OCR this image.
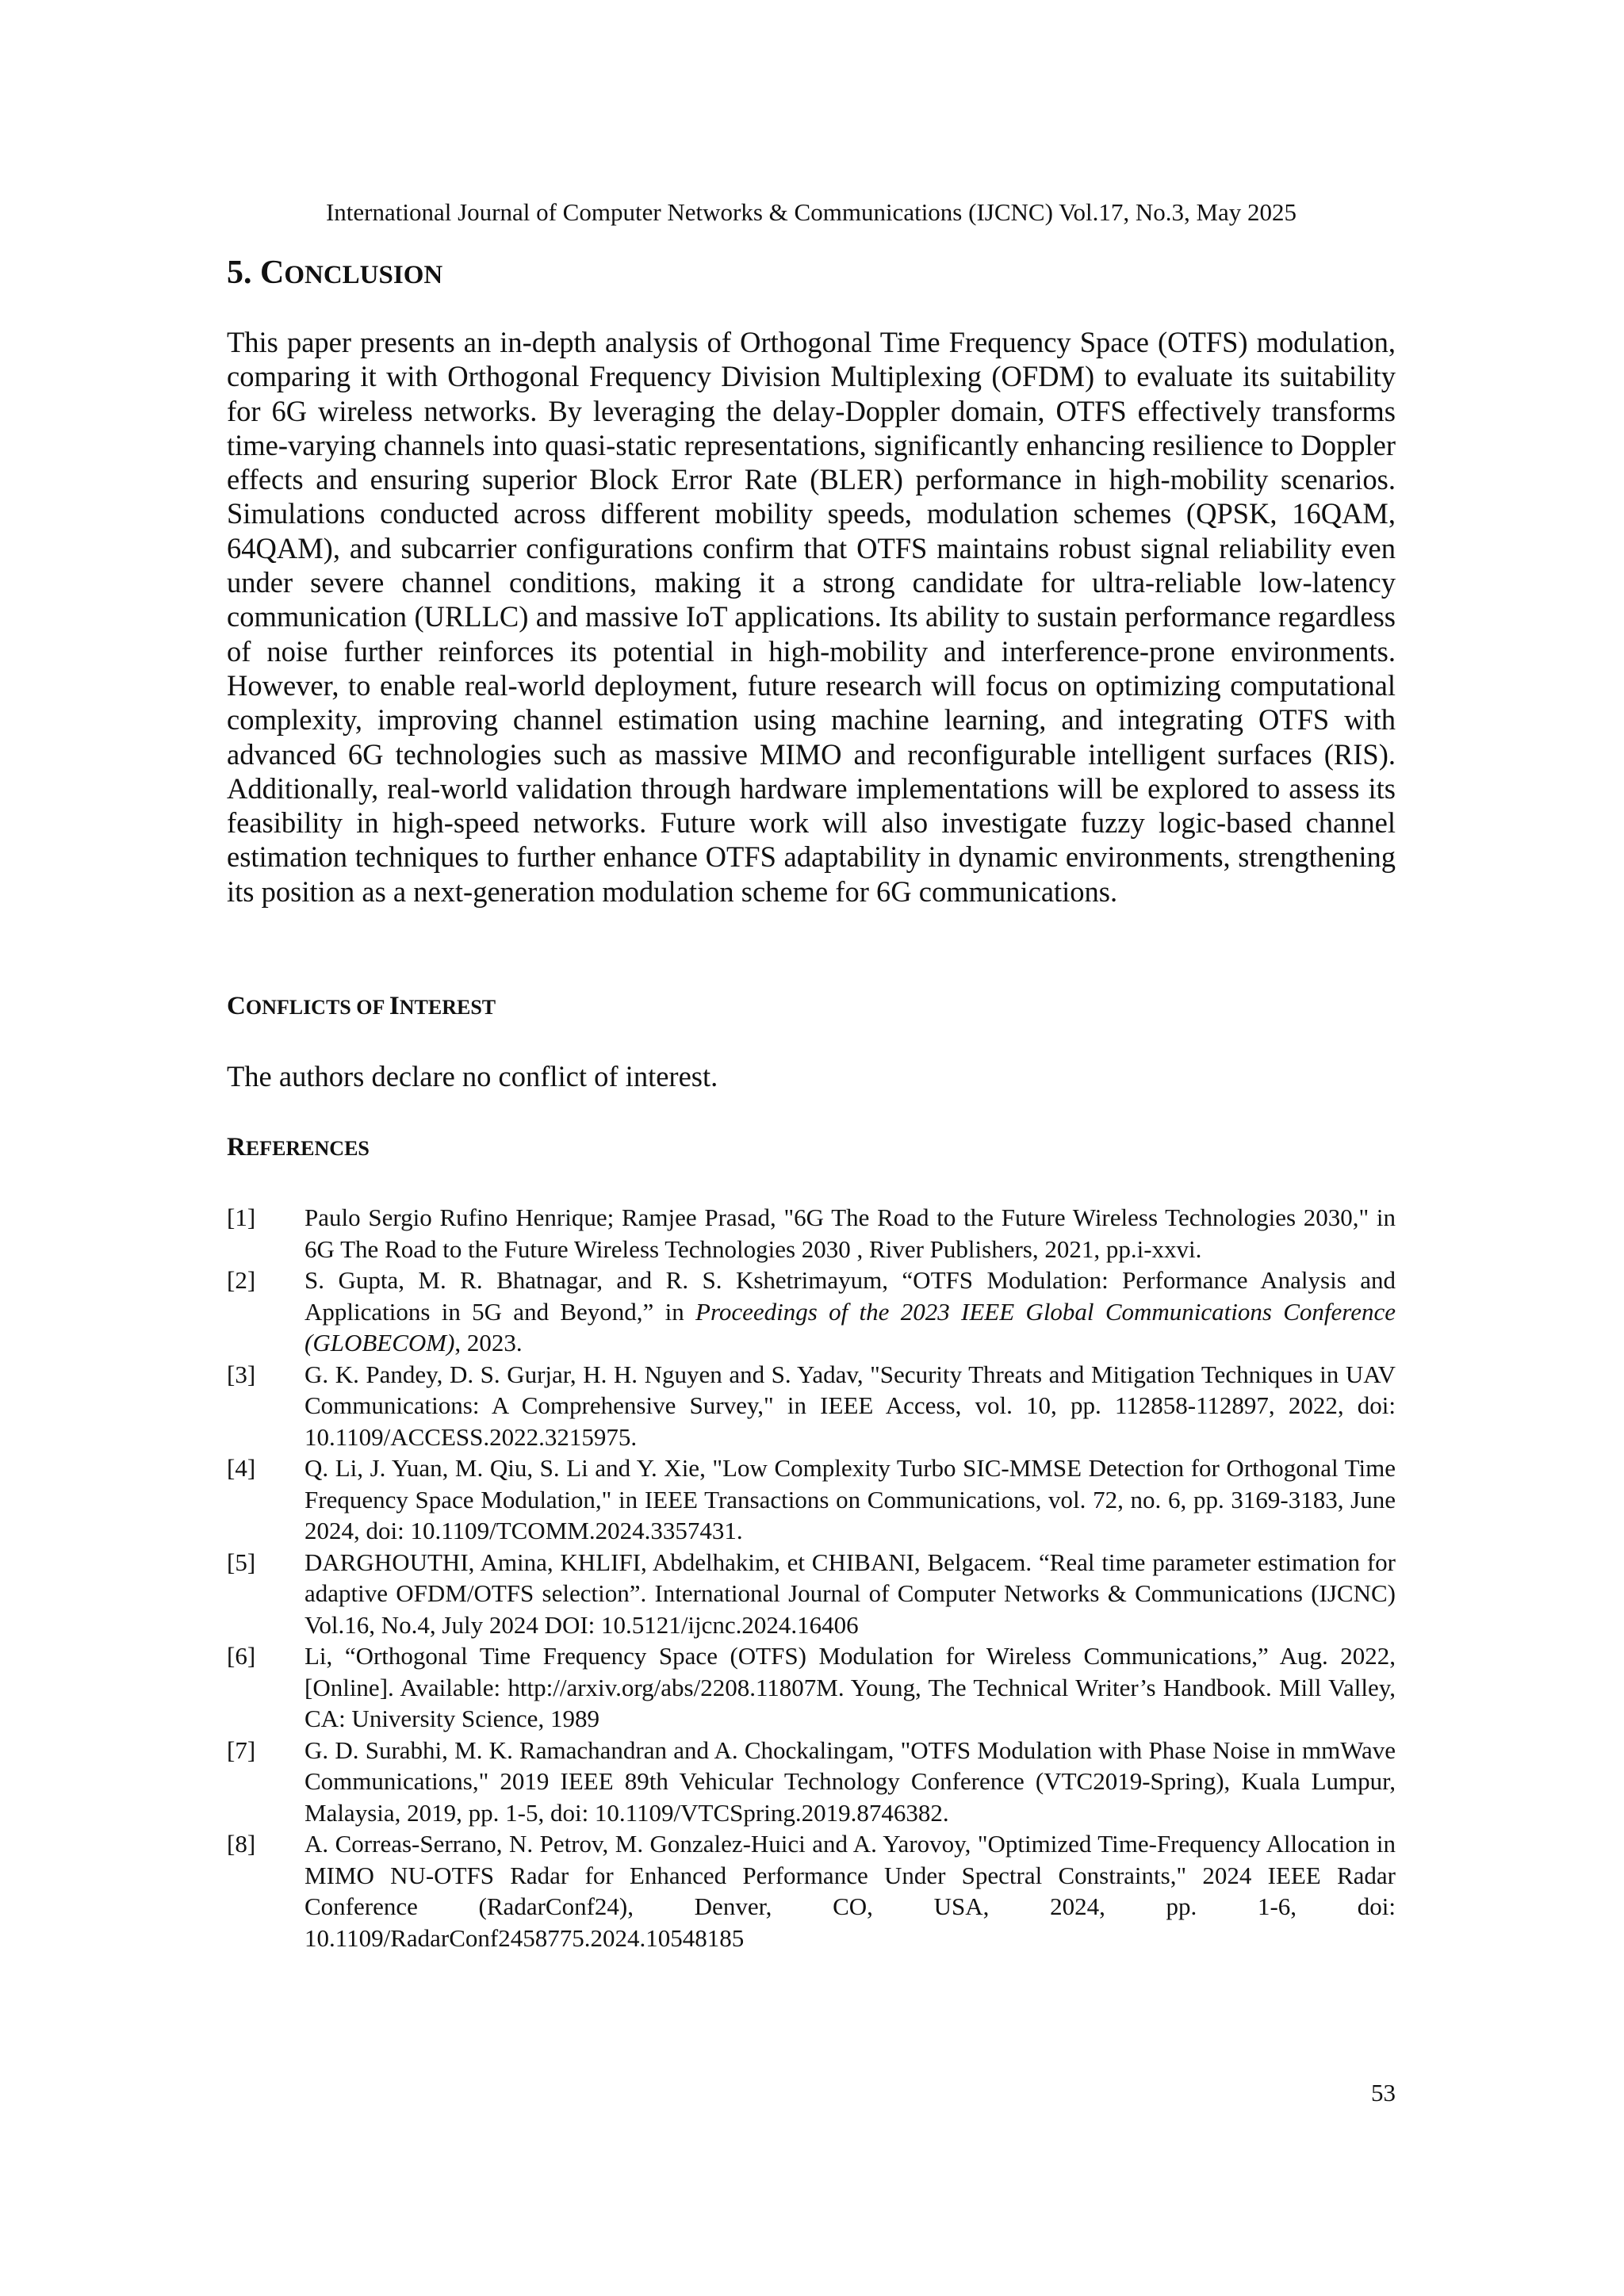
International Journal of Computer Networks & Communications (IJCNC) Vol.17, No.3, May 2025
5. CONCLUSION

This paper presents an in-depth analysis of Orthogonal Time Frequency Space (OTFS) modulation, comparing it with Orthogonal Frequency Division Multiplexing (OFDM) to evaluate its suitability for 6G wireless networks. By leveraging the delay-Doppler domain, OTFS effectively transforms time-varying channels into quasi-static representations, significantly enhancing resilience to Doppler effects and ensuring superior Block Error Rate (BLER) performance in high-mobility scenarios. Simulations conducted across different mobility speeds, modulation schemes (QPSK, 16QAM, 64QAM), and subcarrier configurations confirm that OTFS maintains robust signal reliability even under severe channel conditions, making it a strong candidate for ultra-reliable low-latency communication (URLLC) and massive IoT applications. Its ability to sustain performance regardless of noise further reinforces its potential in high-mobility and interference-prone environments. However, to enable real-world deployment, future research will focus on optimizing computational complexity, improving channel estimation using machine learning, and integrating OTFS with advanced 6G technologies such as massive MIMO and reconfigurable intelligent surfaces (RIS). Additionally, real-world validation through hardware implementations will be explored to assess its feasibility in high-speed networks. Future work will also investigate fuzzy logic-based channel estimation techniques to further enhance OTFS adaptability in dynamic environments, strengthening its position as a next-generation modulation scheme for 6G communications.

CONFLICTS OF INTEREST

The authors declare no conflict of interest.

REFERENCES
[1]	Paulo Sergio Rufino Henrique; Ramjee Prasad, "6G The Road to the Future Wireless Technologies 2030," in 6G The Road to the Future Wireless Technologies 2030 , River Publishers, 2021, pp.i-xxvi.
[2]	S. Gupta, M. R. Bhatnagar, and R. S. Kshetrimayum, “OTFS Modulation: Performance Analysis and Applications in 5G and Beyond,” in Proceedings of the 2023 IEEE Global Communications Conference (GLOBECOM), 2023.
[3]	G. K. Pandey, D. S. Gurjar, H. H. Nguyen and S. Yadav, "Security Threats and Mitigation Techniques in UAV Communications: A Comprehensive Survey," in IEEE Access, vol. 10, pp. 112858-112897, 2022, doi: 10.1109/ACCESS.2022.3215975.
[4]	Q. Li, J. Yuan, M. Qiu, S. Li and Y. Xie, "Low Complexity Turbo SIC-MMSE Detection for Orthogonal Time Frequency Space Modulation," in IEEE Transactions on Communications, vol. 72, no. 6, pp. 3169-3183, June 2024, doi: 10.1109/TCOMM.2024.3357431.
[5]	DARGHOUTHI, Amina, KHLIFI, Abdelhakim, et CHIBANI, Belgacem. “Real time parameter estimation for adaptive OFDM/OTFS selection”. International Journal of Computer Networks & Communications (IJCNC) Vol.16, No.4, July 2024 DOI: 10.5121/ijcnc.2024.16406
[6]	Li, “Orthogonal Time Frequency Space (OTFS) Modulation for Wireless Communications,” Aug. 2022, [Online]. Available: http://arxiv.org/abs/2208.11807M. Young, The Technical Writer’s Handbook. Mill Valley, CA: University Science, 1989
[7]	G. D. Surabhi, M. K. Ramachandran and A. Chockalingam, "OTFS Modulation with Phase Noise in mmWave Communications," 2019 IEEE 89th Vehicular Technology Conference (VTC2019-Spring), Kuala Lumpur, Malaysia, 2019, pp. 1-5, doi: 10.1109/VTCSpring.2019.8746382.
[8]	A. Correas-Serrano, N. Petrov, M. Gonzalez-Huici and A. Yarovoy, "Optimized Time-Frequency Allocation in MIMO NU-OTFS Radar for Enhanced Performance Under Spectral Constraints," 2024 IEEE Radar Conference (RadarConf24), Denver, CO, USA, 2024, pp. 1-6, doi: 10.1109/RadarConf2458775.2024.10548185
53
